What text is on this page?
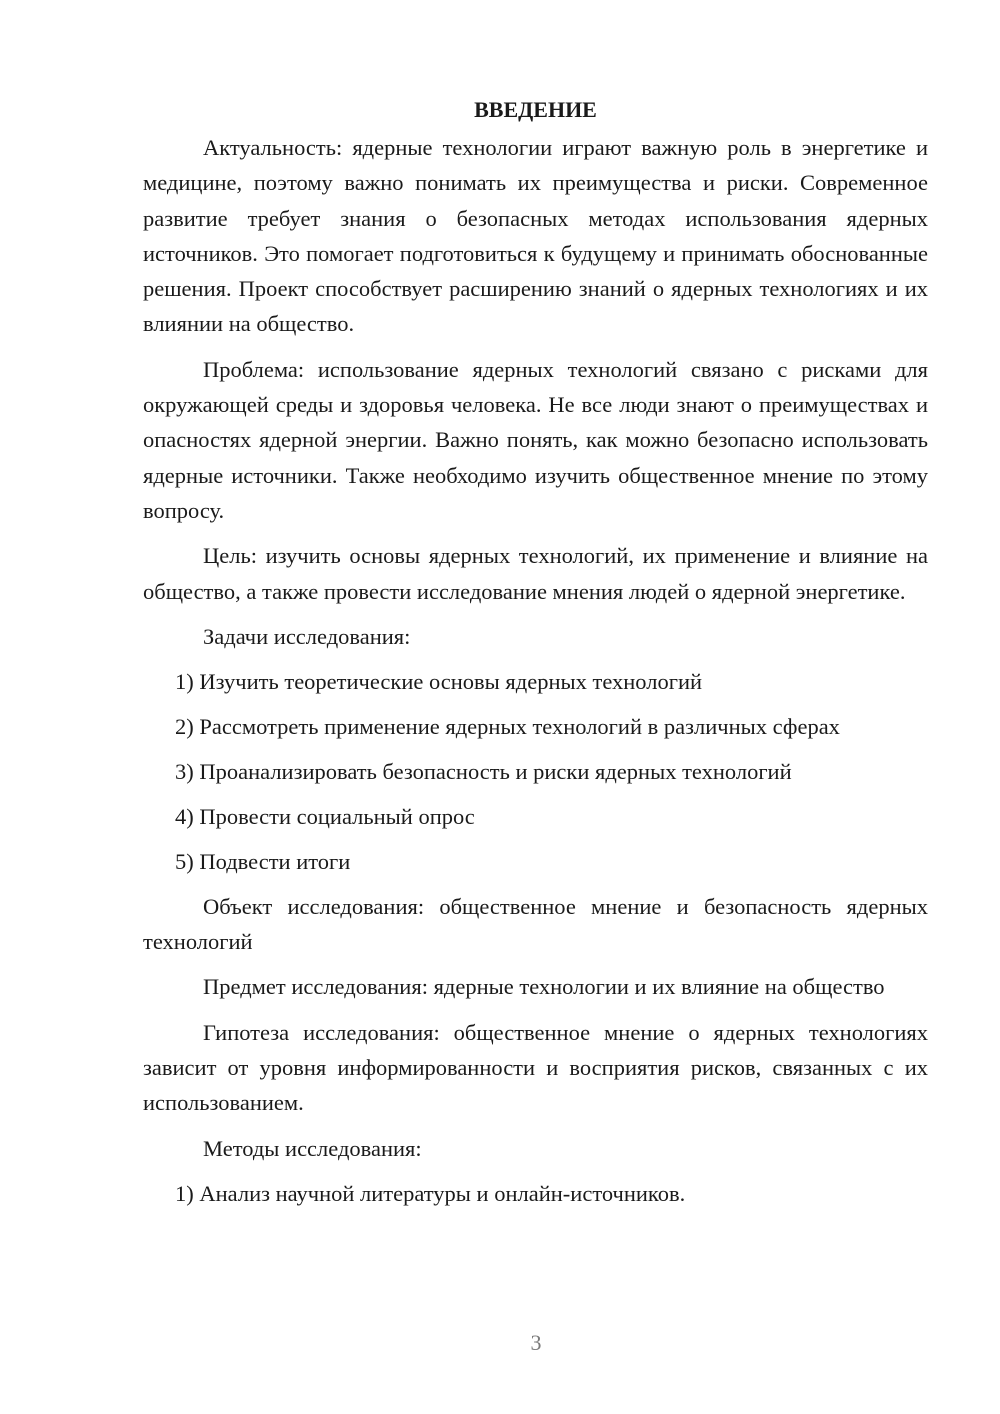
ВВЕДЕНИЕ

Актуальность: ядерные технологии играют важную роль в энергетике и медицине, поэтому важно понимать их преимущества и риски. Современное развитие требует знания о безопасных методах использования ядерных источников. Это помогает подготовиться к будущему и принимать обоснованные решения. Проект способствует расширению знаний о ядерных технологиях и их влиянии на общество.

Проблема: использование ядерных технологий связано с рисками для окружающей среды и здоровья человека. Не все люди знают о преимуществах и опасностях ядерной энергии. Важно понять, как можно безопасно использовать ядерные источники. Также необходимо изучить общественное мнение по этому вопросу.

Цель: изучить основы ядерных технологий, их применение и влияние на общество, а также провести исследование мнения людей о ядерной энергетике.

Задачи исследования:

1) Изучить теоретические основы ядерных технологий

2) Рассмотреть применение ядерных технологий в различных сферах

3) Проанализировать безопасность и риски ядерных технологий

4) Провести социальный опрос

5) Подвести итоги

Объект исследования: общественное мнение и безопасность ядерных технологий

Предмет исследования: ядерные технологии и их влияние на общество

Гипотеза исследования: общественное мнение о ядерных технологиях зависит от уровня информированности и восприятия рисков, связанных с их использованием.

Методы исследования:

1) Анализ научной литературы и онлайн-источников.

3
